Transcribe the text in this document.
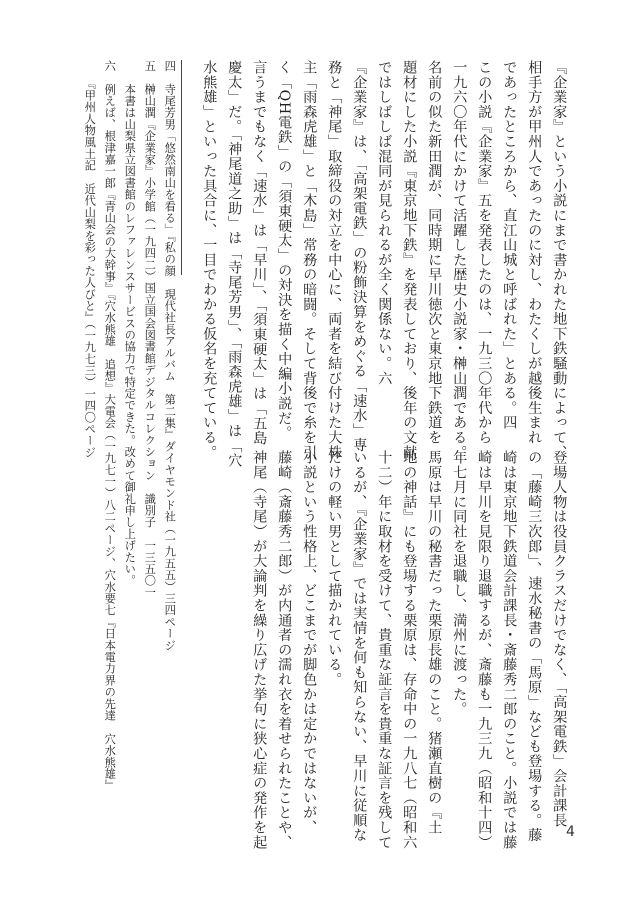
『企業家』という小説にまで書かれた地下鉄騒動によって、
相手方が甲州人であったのに対し、わたくしが越後生まれ
であったところから、直江山城と呼ばれた」とある。四
この小説『企業家』五を発表したのは、一九三〇年代から
一九六〇年代にかけて活躍した歴史小説家・榊山潤である。
名前の似た新田潤が、同時期に早川徳次と東京地下鉄道を
題材にした小説『東京地下鉄』を発表しており、後年の文献
ではしばしば混同が見られるが全く関係ない。六
『企業家』は、「高架電鉄」の粉飾決算をめぐる「速水」専
務と「神尾」取締役の対立を中心に、両者を結び付けた大株
主「雨森虎雄」と「木島」常務の暗闘。そして背後で糸を引
く「QH電鉄」の「須東硬太」の対決を描く中編小説だ。
言うまでもなく「速水」は「早川」、「須東硬太」は「五島
慶太」だ。「神尾道之助」は「寺尾芳男」、「雨森虎雄」は「穴
水熊雄」といった具合に、一目でわかる仮名を充てている。
登場人物は役員クラスだけでなく、「高架電鉄」会計課長
の「藤崎三次郎」、速水秘書の「馬原」なども登場する。藤
崎は東京地下鉄道会計課長・斎藤秀二郎のこと。小説では藤
崎は早川を見限り退職するが、斎藤も一九三九（昭和十四）
年七月に同社を退職し、満州に渡った。
馬原は早川の秘書だった栗原長雄のこと。猪瀬直樹の『土
地の神話』にも登場する栗原は、存命中の一九八七（昭和六
十二）年に取材を受けて、貴重な証言を貴重な証言を残して
いるが、『企業家』では実情を何も知らない、早川に従順な
だけの軽い男として描かれている。
小説という性格上、どこまでが脚色かは定かではないが、
藤崎（斎藤秀二郎）が内通者の濡れ衣を着せられたことや、
神尾（寺尾）が大論判を繰り広げた挙句に狭心症の発作を起
四　寺尾芳男「悠然南山を看る」『私の顔　現代社長アルバム　第二集』ダイヤモンド社（一九五五）三四ページ
五　榊山潤『企業家』小学館（一九四二）国立国会図書館デジタルコレクション　識別子　一三五〇一
　　本書は山梨県立図書館のレファレンスサービスの協力で特定できた。改めて御礼申し上げたい。
六　例えば、根津嘉一郎『青山会の大幹事』『穴水熊雄　追想』大電会（一九七一）八二ページ、穴水要七『日本電力界の先達　穴水熊雄』
　　『甲州人物風土記　近代山梨を彩った人びと』（一九七三）一四〇ページ
4
